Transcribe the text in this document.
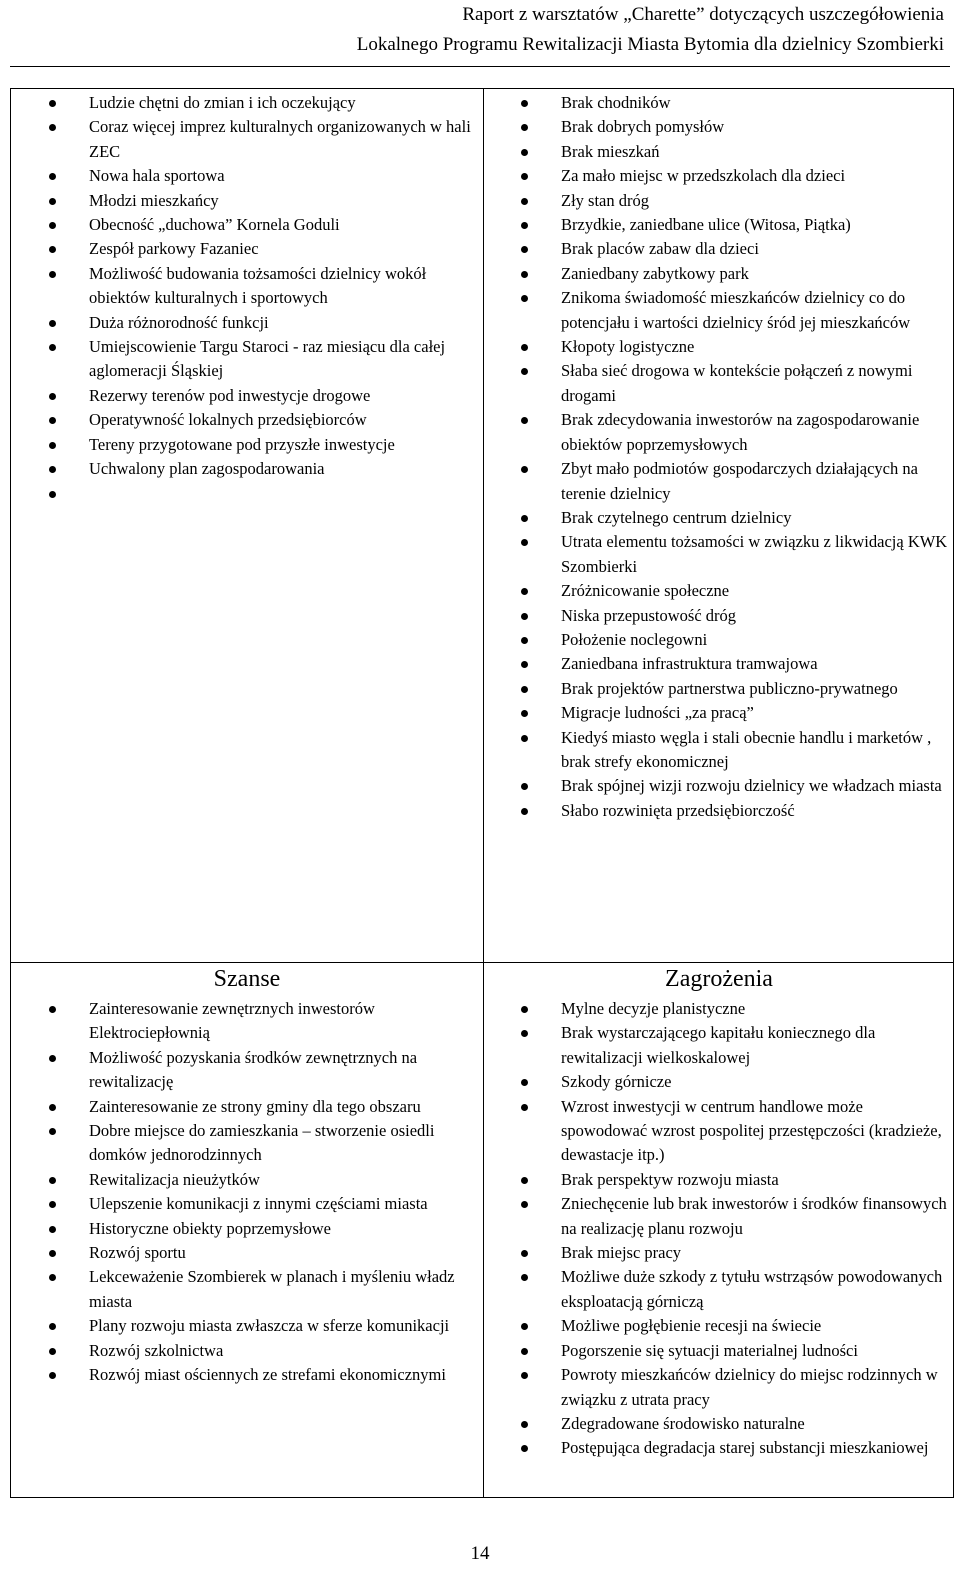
Raport z warsztatów „Charette” dotyczących uszczegółowienia
Lokalnego Programu Rewitalizacji Miasta Bytomia dla dzielnicy Szombierki
Ludzie chętni do zmian i ich oczekujący
Coraz więcej imprez kulturalnych organizowanych w hali ZEC
Nowa hala sportowa
Młodzi mieszkańcy
Obecność „duchowa” Kornela Goduli
Zespół parkowy Fazaniec
Możliwość budowania tożsamości dzielnicy wokół obiektów kulturalnych i sportowych
Duża różnorodność funkcji
Umiejscowienie Targu Staroci - raz miesiącu dla całej aglomeracji Śląskiej
Rezerwy terenów pod inwestycje drogowe
Operatywność lokalnych przedsiębiorców
Tereny przygotowane pod przyszłe inwestycje
Uchwalony plan zagospodarowania
Brak chodników
Brak dobrych pomysłów
Brak mieszkań
Za mało miejsc w przedszkolach dla dzieci
Zły stan dróg
Brzydkie, zaniedbane ulice (Witosa, Piątka)
Brak placów zabaw dla dzieci
Zaniedbany zabytkowy park
Znikoma świadomość mieszkańców dzielnicy co do potencjału i wartości dzielnicy śród jej mieszkańców
Kłopoty logistyczne
Słaba sieć drogowa w kontekście połączeń z nowymi drogami
Brak zdecydowania inwestorów na zagospodarowanie obiektów poprzemysłowych
Zbyt mało podmiotów gospodarczych działających na terenie dzielnicy
Brak czytelnego centrum dzielnicy
Utrata elementu tożsamości w związku z likwidacją KWK Szombierki
Zróżnicowanie społeczne
Niska przepustowość dróg
Położenie noclegowni
Zaniedbana infrastruktura tramwajowa
Brak projektów partnerstwa publiczno-prywatnego
Migracje ludności „za pracą”
Kiedyś miasto węgla i stali obecnie handlu i marketów , brak strefy ekonomicznej
Brak spójnej wizji rozwoju dzielnicy we władzach miasta
Słabo rozwinięta przedsiębiorczość
Szanse
Zainteresowanie zewnętrznych inwestorów Elektrociepłownią
Możliwość pozyskania środków zewnętrznych na rewitalizację
Zainteresowanie ze strony gminy dla tego obszaru
Dobre miejsce do zamieszkania – stworzenie osiedli domków jednorodzinnych
Rewitalizacja nieużytków
Ulepszenie komunikacji z innymi częściami miasta
Historyczne obiekty poprzemysłowe
Rozwój sportu
Lekceważenie Szombierek w planach i myśleniu władz miasta
Plany rozwoju miasta zwłaszcza w sferze komunikacji
Rozwój szkolnictwa
Rozwój miast ościennych ze strefami ekonomicznymi
Zagrożenia
Mylne decyzje planistyczne
Brak wystarczającego kapitału koniecznego dla rewitalizacji wielkoskalowej
Szkody górnicze
Wzrost inwestycji w centrum handlowe może spowodować wzrost pospolitej przestępczości (kradzieże, dewastacje itp.)
Brak perspektyw rozwoju miasta
Zniechęcenie lub brak inwestorów i środków finansowych na realizację planu rozwoju
Brak miejsc pracy
Możliwe duże szkody z tytułu wstrząsów powodowanych eksploatacją górniczą
Możliwe pogłębienie recesji na świecie
Pogorszenie się sytuacji materialnej ludności
Powroty mieszkańców dzielnicy do miejsc rodzinnych w związku z utrata pracy
Zdegradowane środowisko naturalne
Postępująca degradacja starej substancji mieszkaniowej
14
